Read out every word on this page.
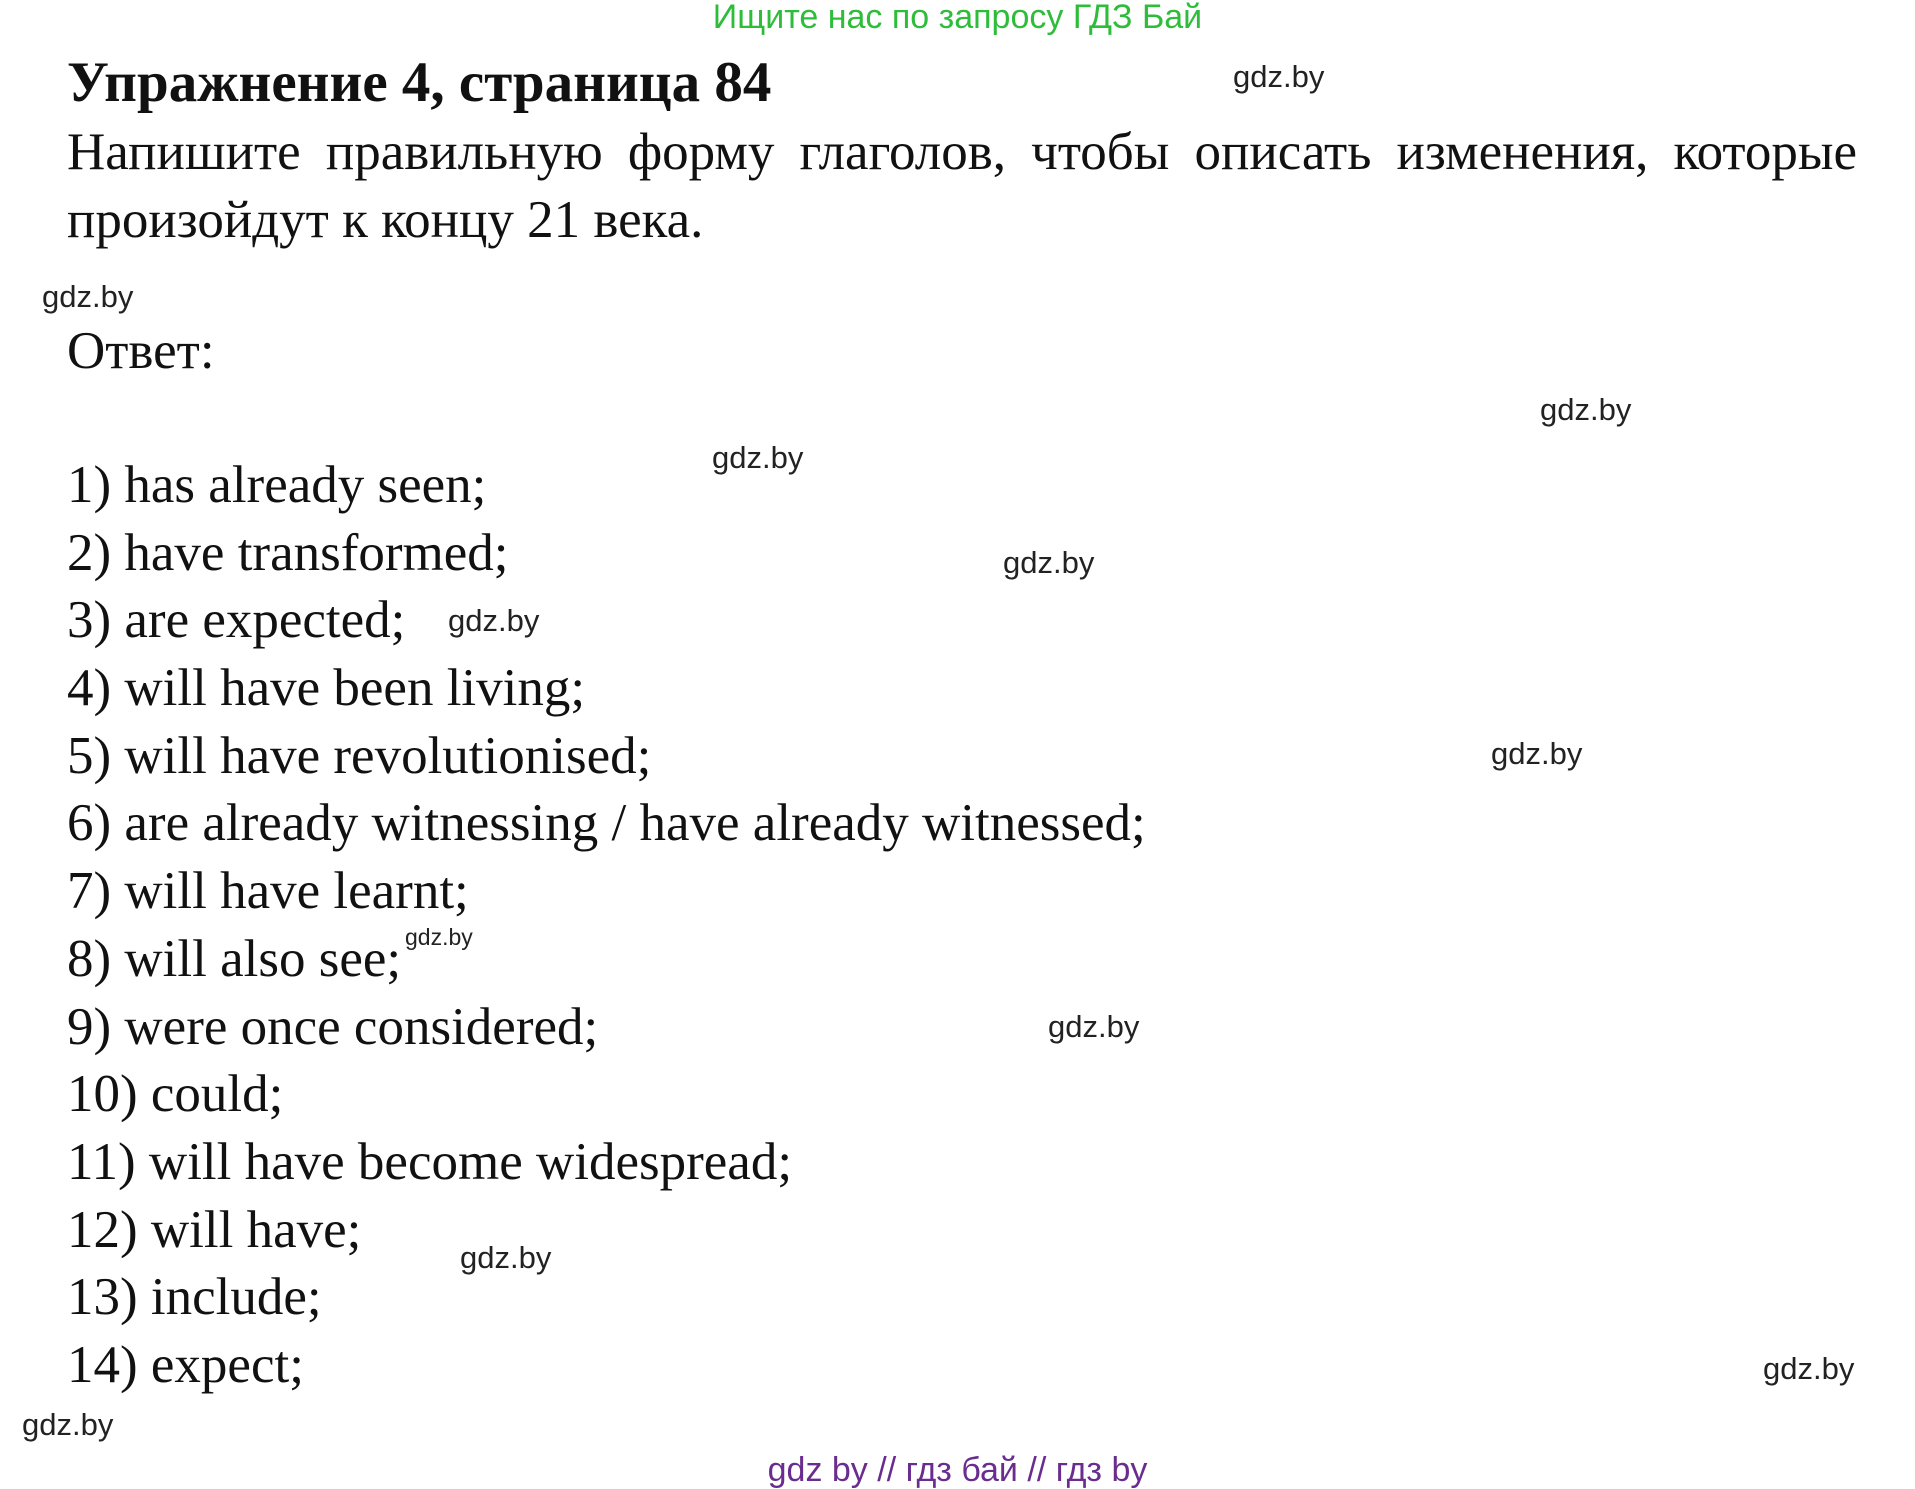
Ищите нас по запросу ГДЗ Бай
Упражнение 4, страница 84
Напишите правильную форму глаголов, чтобы описать изменения, которые произойдут к концу 21 века.
Ответ:
1) has already seen;
2) have transformed;
3) are expected;
4) will have been living;
5) will have revolutionised;
6) are already witnessing / have already witnessed;
7) will have learnt;
8) will also see;
9) were once considered;
10) could;
11) will have become widespread;
12) will have;
13) include;
14) expect;
gdz.by
gdz.by
gdz.by
gdz.by
gdz.by
gdz.by
gdz.by
gdz.by
gdz.by
gdz.by
gdz.by
gdz.by
gdz by // гдз бай // гдз by
